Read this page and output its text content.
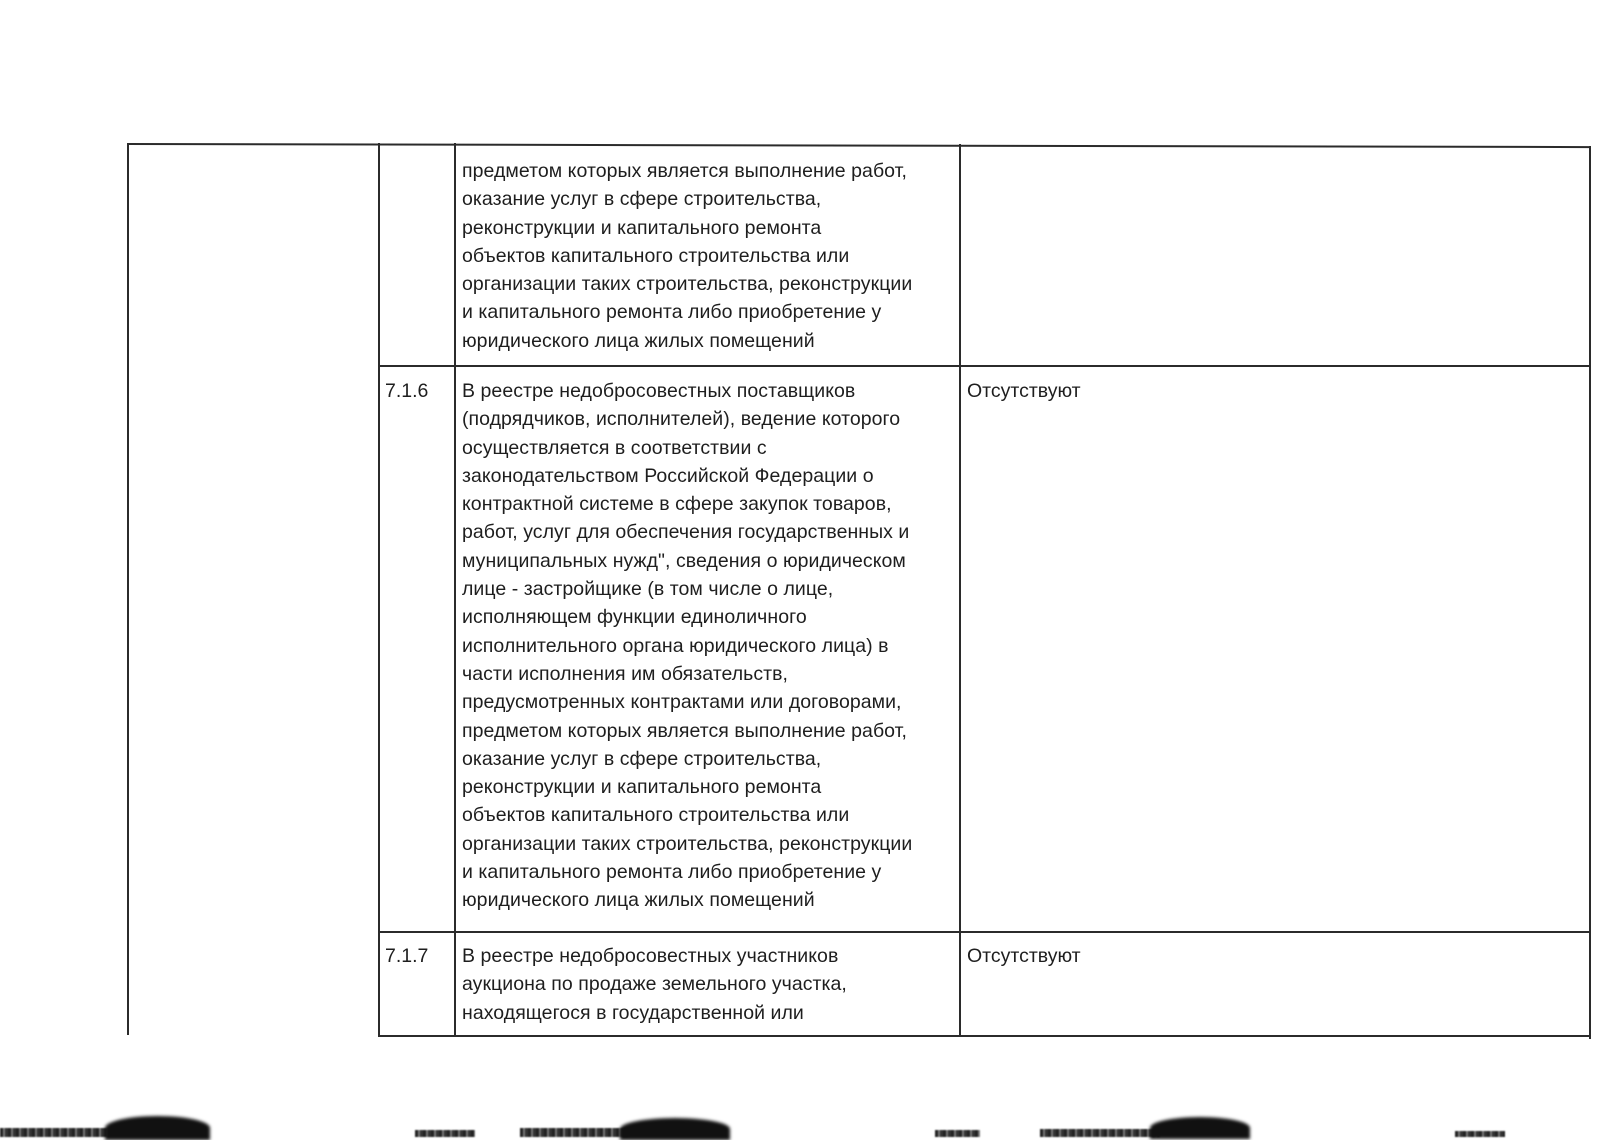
предметом которых является выполнение работ,
оказание услуг в сфере строительства,
реконструкции и капитального ремонта
объектов капитального строительства или
организации таких строительства, реконструкции
и капитального ремонта либо приобретение у
юридического лица жилых помещений
7.1.6 В реестре недобросовестных поставщиков
(подрядчиков, исполнителей), ведение которого
осуществляется в соответствии с
законодательством Российской Федерации о
контрактной системе в сфере закупок товаров,
работ, услуг для обеспечения государственных и
муниципальных нужд", сведения о юридическом
лице - застройщике (в том числе о лице,
исполняющем функции единоличного
исполнительного органа юридического лица) в
части исполнения им обязательств,
предусмотренных контрактами или договорами,
предметом которых является выполнение работ,
оказание услуг в сфере строительства,
реконструкции и капитального ремонта
объектов капитального строительства или
организации таких строительства, реконструкции
и капитального ремонта либо приобретение у
юридического лица жилых помещений
Отсутствуют
7.1.7 В реестре недобросовестных участников
аукциона по продаже земельного участка,
находящегося в государственной или
Отсутствуют
